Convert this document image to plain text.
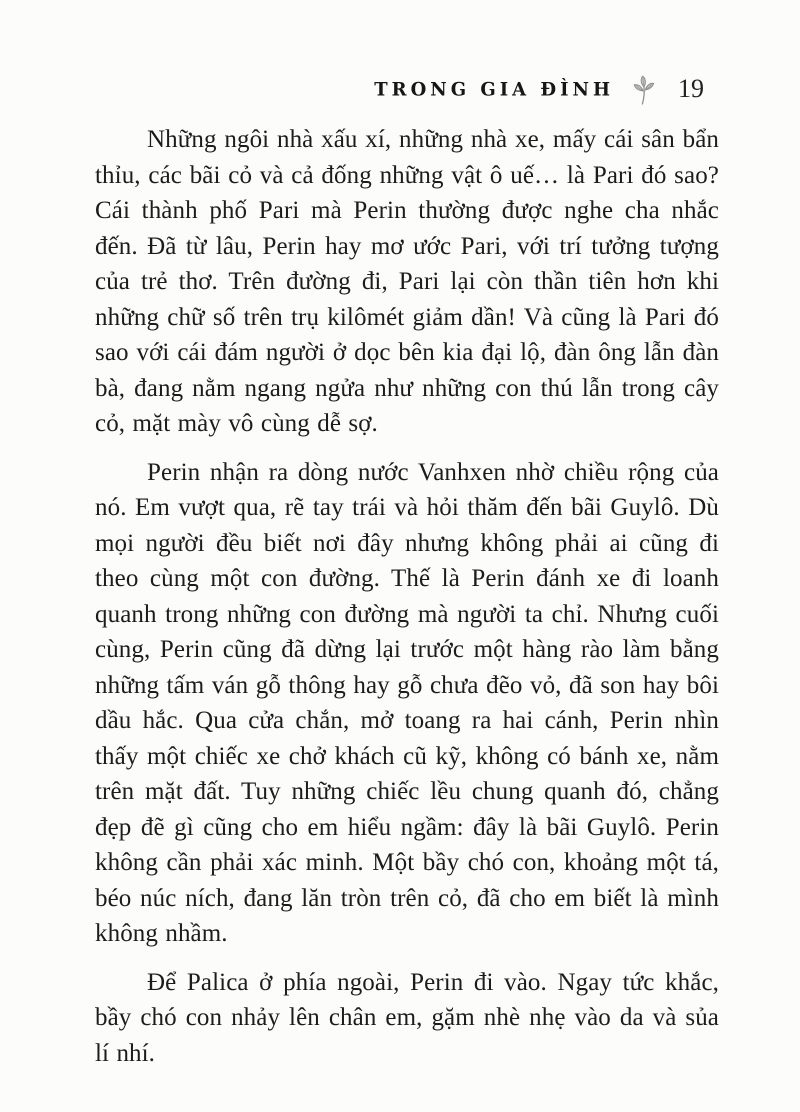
TRONG GIA ĐÌNH 19

Những ngôi nhà xấu xí, những nhà xe, mấy cái sân bẩn thỉu, các bãi cỏ và cả đống những vật ô uế… là Pari đó sao? Cái thành phố Pari mà Perin thường được nghe cha nhắc đến. Đã từ lâu, Perin hay mơ ước Pari, với trí tưởng tượng của trẻ thơ. Trên đường đi, Pari lại còn thần tiên hơn khi những chữ số trên trụ kilômét giảm dần! Và cũng là Pari đó sao với cái đám người ở dọc bên kia đại lộ, đàn ông lẫn đàn bà, đang nằm ngang ngửa như những con thú lẫn trong cây cỏ, mặt mày vô cùng dễ sợ.

Perin nhận ra dòng nước Vanhxen nhờ chiều rộng của nó. Em vượt qua, rẽ tay trái và hỏi thăm đến bãi Guylô. Dù mọi người đều biết nơi đây nhưng không phải ai cũng đi theo cùng một con đường. Thế là Perin đánh xe đi loanh quanh trong những con đường mà người ta chỉ. Nhưng cuối cùng, Perin cũng đã dừng lại trước một hàng rào làm bằng những tấm ván gỗ thông hay gỗ chưa đẽo vỏ, đã son hay bôi dầu hắc. Qua cửa chắn, mở toang ra hai cánh, Perin nhìn thấy một chiếc xe chở khách cũ kỹ, không có bánh xe, nằm trên mặt đất. Tuy những chiếc lều chung quanh đó, chẳng đẹp đẽ gì cũng cho em hiểu ngầm: đây là bãi Guylô. Perin không cần phải xác minh. Một bầy chó con, khoảng một tá, béo núc ních, đang lăn tròn trên cỏ, đã cho em biết là mình không nhầm.

Để Palica ở phía ngoài, Perin đi vào. Ngay tức khắc, bầy chó con nhảy lên chân em, gặm nhè nhẹ vào da và sủa lí nhí.
